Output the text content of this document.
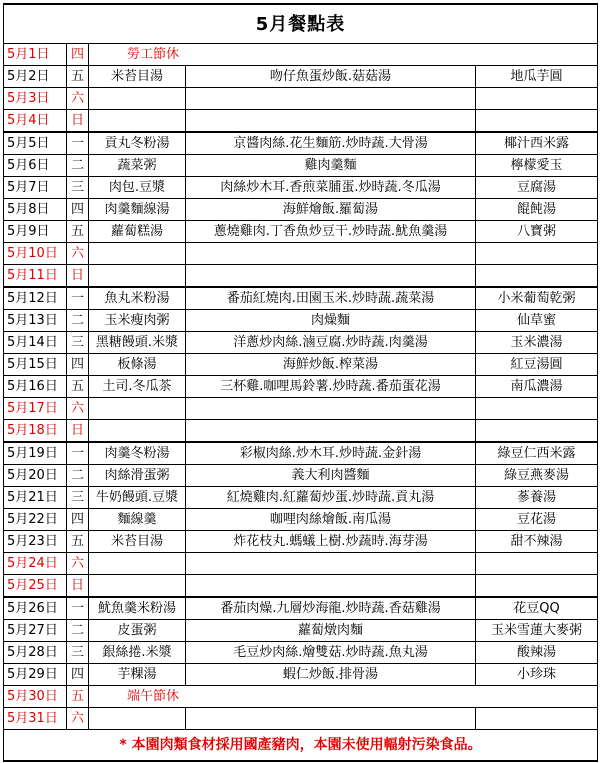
5月餐點表				
5月1日	四	勞工節休		
5月2日	五	米苔目湯	吻仔魚蛋炒飯.菇菇湯	地瓜芋圓
5月3日	六			
5月4日	日			
5月5日	一	貢丸冬粉湯	京醬肉絲.花生麵筋.炒時蔬.大骨湯	椰汁西米露
5月6日	二	蔬菜粥	雞肉羹麵	檸檬愛玉
5月7日	三	肉包.豆漿	肉絲炒木耳.香煎菜脯蛋.炒時蔬.冬瓜湯	豆腐湯
5月8日	四	肉羹麵線湯	海鮮燴飯.羅蔔湯	餛飩湯
5月9日	五	蘿蔔糕湯	蔥燒雞肉.丁香魚炒豆干.炒時蔬.魷魚羹湯	八寶粥
5月10日	六			
5月11日	日			
5月12日	一	魚丸米粉湯	番茄紅燒肉.田園玉米.炒時蔬.蔬菜湯	小米葡萄乾粥
5月13日	二	玉米瘦肉粥	肉燥麵	仙草蜜
5月14日	三	黑糖饅頭.米漿	洋蔥炒肉絲.滷豆腐.炒時蔬.肉羹湯	玉米濃湯
5月15日	四	板條湯	海鮮炒飯.榨菜湯	紅豆湯圓
5月16日	五	土司.冬瓜茶	三杯雞.咖哩馬鈴薯.炒時蔬.番茄蛋花湯	南瓜濃湯
5月17日	六			
5月18日	日			
5月19日	一	肉羹冬粉湯	彩椒肉絲.炒木耳.炒時蔬.金針湯	綠豆仁西米露
5月20日	二	肉絲滑蛋粥	義大利肉醬麵	綠豆燕麥湯
5月21日	三	牛奶饅頭.豆漿	紅燒雞肉.紅蘿蔔炒蛋.炒時蔬.貢丸湯	蔘養湯
5月22日	四	麵線羹	咖哩肉絲燴飯.南瓜湯	豆花湯
5月23日	五	米苔目湯	炸花枝丸.螞蟻上樹.炒蔬時.海芽湯	甜不辣湯
5月24日	六			
5月25日	日			
5月26日	一	魷魚羹米粉湯	番茄肉燥.九層炒海龍.炒時蔬.香菇雞湯	花豆QQ
5月27日	二	皮蛋粥	蘿蔔燉肉麵	玉米雪蓮大麥粥
5月28日	三	銀絲捲.米漿	毛豆炒肉絲.燴雙菇.炒時蔬.魚丸湯	酸辣湯
5月29日	四	芋粿湯	蝦仁炒飯.排骨湯	小珍珠
5月30日	五	端午節休		
5月31日	六			
* 本園肉類食材採用國產豬肉，本園未使用輻射污染食品。				
